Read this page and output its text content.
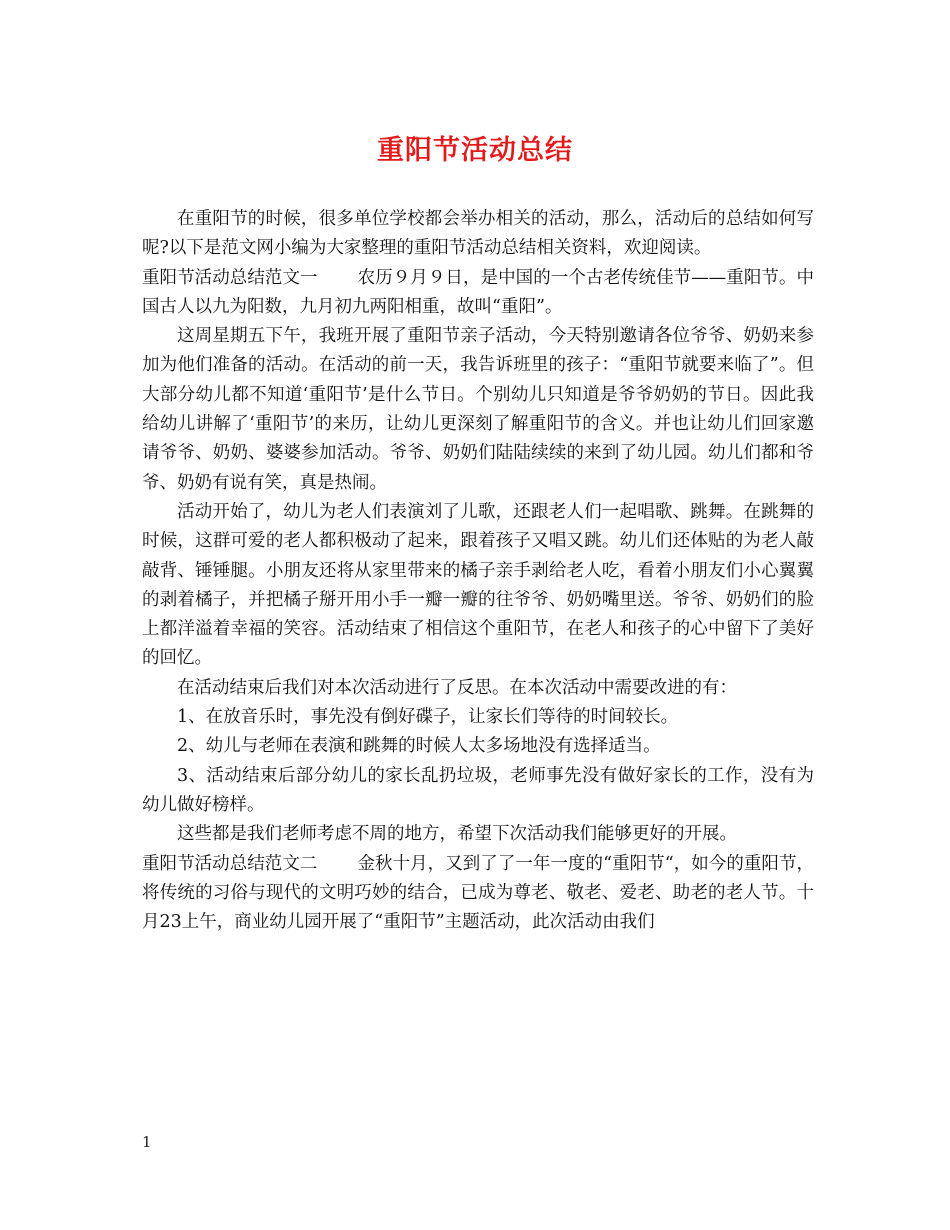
重阳节活动总结

在重阳节的时候，很多单位学校都会举办相关的活动，那么，活动后的总结如何写呢?以下是范文网小编为大家整理的重阳节活动总结相关资料，欢迎阅读。

重阳节活动总结范文一 农历９月９日，是中国的一个古老传统佳节——重阳节。中国古人以九为阳数，九月初九两阳相重，故叫“重阳”。

这周星期五下午，我班开展了重阳节亲子活动，今天特别邀请各位爷爷、奶奶来参加为他们准备的活动。在活动的前一天，我告诉班里的孩子：“重阳节就要来临了”。但大部分幼儿都不知道‘重阳节’是什么节日。个别幼儿只知道是爷爷奶奶的节日。因此我给幼儿讲解了‘重阳节’的来历，让幼儿更深刻了解重阳节的含义。并也让幼儿们回家邀请爷爷、奶奶、婆婆参加活动。爷爷、奶奶们陆陆续续的来到了幼儿园。幼儿们都和爷爷、奶奶有说有笑，真是热闹。

活动开始了，幼儿为老人们表演刘了儿歌，还跟老人们一起唱歌、跳舞。在跳舞的时候，这群可爱的老人都积极动了起来，跟着孩子又唱又跳。幼儿们还体贴的为老人敲敲背、锤锤腿。小朋友还将从家里带来的橘子亲手剥给老人吃，看着小朋友们小心翼翼的剥着橘子，并把橘子掰开用小手一瓣一瓣的往爷爷、奶奶嘴里送。爷爷、奶奶们的脸上都洋溢着幸福的笑容。活动结束了相信这个重阳节，在老人和孩子的心中留下了美好的回忆。

在活动结束后我们对本次活动进行了反思。在本次活动中需要改进的有：

1、在放音乐时，事先没有倒好碟子，让家长们等待的时间较长。

2、幼儿与老师在表演和跳舞的时候人太多场地没有选择适当。

3、活动结束后部分幼儿的家长乱扔垃圾，老师事先没有做好家长的工作，没有为幼儿做好榜样。

这些都是我们老师考虑不周的地方，希望下次活动我们能够更好的开展。

重阳节活动总结范文二 金秋十月，又到了了一年一度的“重阳节“，如今的重阳节，将传统的习俗与现代的文明巧妙的结合，已成为尊老、敬老、爱老、助老的老人节。十月23上午，商业幼儿园开展了“重阳节”主题活动，此次活动由我们

1
